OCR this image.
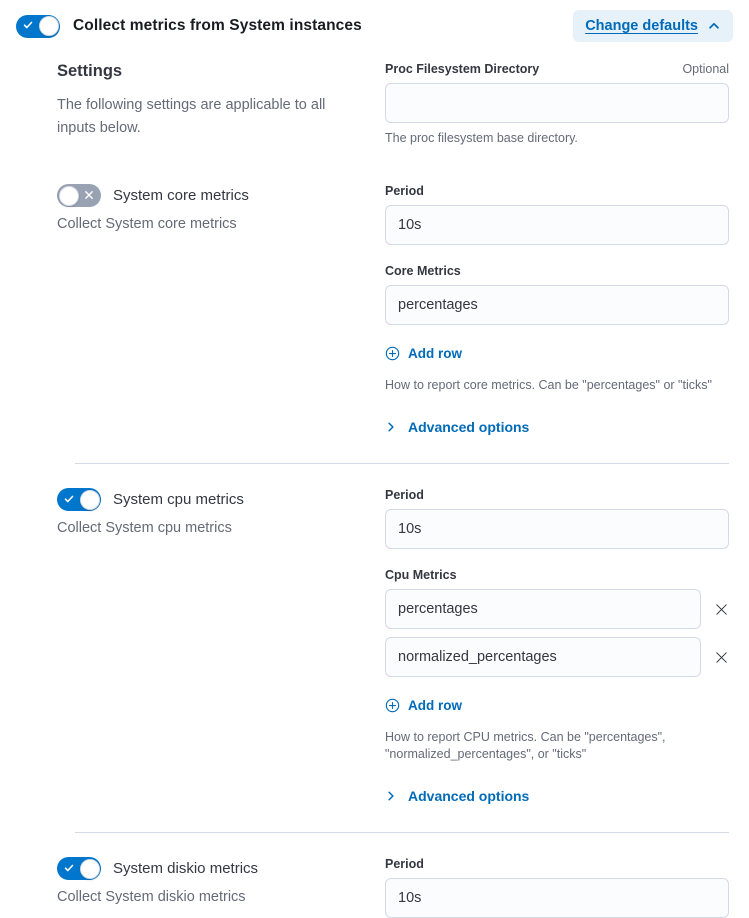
Collect metrics from System instances	Change defaults
Settings

The following settings are applicable to all inputs below.

Proc Filesystem Directory	Optional
The proc filesystem base directory.
System core metrics
Collect System core metrics
Period
10s
Core Metrics
percentages
Add row
How to report core metrics. Can be "percentages" or "ticks"
Advanced options
System cpu metrics
Collect System cpu metrics
Period
10s
Cpu Metrics
percentages
normalized_percentages
Add row
How to report CPU metrics. Can be "percentages", "normalized_percentages", or "ticks"
Advanced options
System diskio metrics
Collect System diskio metrics
Period
10s
